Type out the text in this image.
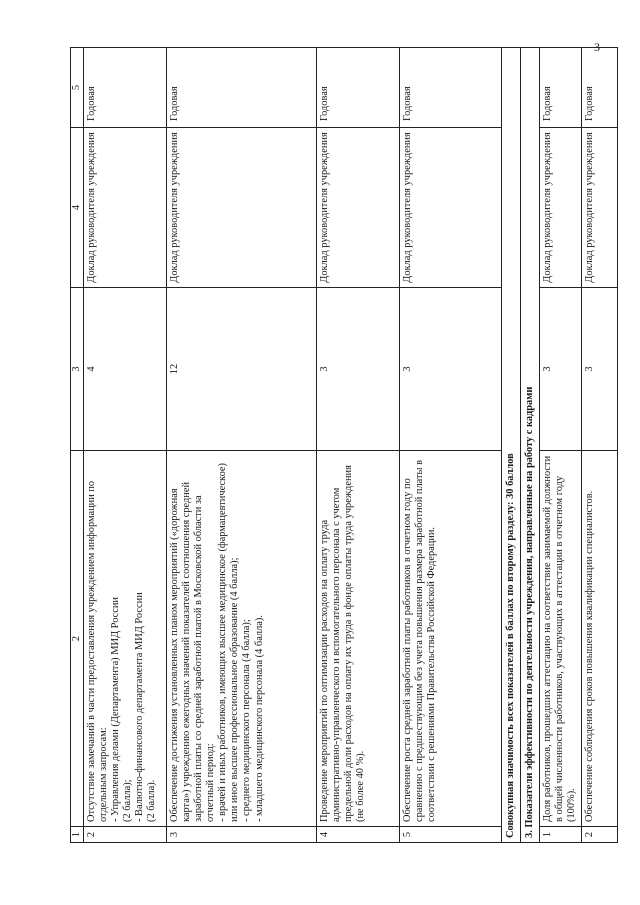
3
1	2	3	4	5
2	Отсутствие замечаний в части предоставления учреждением информации по отдельным запросам:
- Управления делами (Департамента) МИД России
(2 балла);
- Валютно-финансового департамента МИД России
(2 балла).	4	Доклад руководителя учреждения	Годовая
3	Обеспечение достижения установленных планом мероприятий («дорожная карта») учреждению ежегодных значений показателей соотношения средней заработной платы со средней заработной платой в Московской области за отчетный период:
- врачей и иных работников, имеющих высшее медицинское (фармацевтическое) или иное высшее профессиональное образование (4 балла);
- среднего медицинского персонала (4 балла);
- младшего медицинского персонала (4 балла).	12	Доклад руководителя учреждения	Годовая
4	Проведение мероприятий по оптимизации расходов на оплату труда административно-управленческого и вспомогательного персонала с учетом предельной доли расходов на оплату их труда в фонде оплаты труда учреждения (не более 40 %).	3	Доклад руководителя учреждения	Годовая
5	Обеспечение роста средней заработной платы работников в отчетном году по сравнению с предшествующим без учета повышения размера заработной платы в соответствии с решениями Правительства Российской Федерации.	3	Доклад руководителя учреждения	Годовая
Совокупная значимость всех показателей в баллах по второму разделу: 30 баллов				
3. Показатели эффективности по деятельности учреждения, направленные на работу с кадрами				
1	Доля работников, прошедших аттестацию на соответствие занимаемой должности в общей численности работников, участвующих в аттестации в отчетном году (100%).	3	Доклад руководителя учреждения	Годовая
2	Обеспечение соблюдения сроков повышения квалификации специалистов.	3	Доклад руководителя учреждения	Годовая
